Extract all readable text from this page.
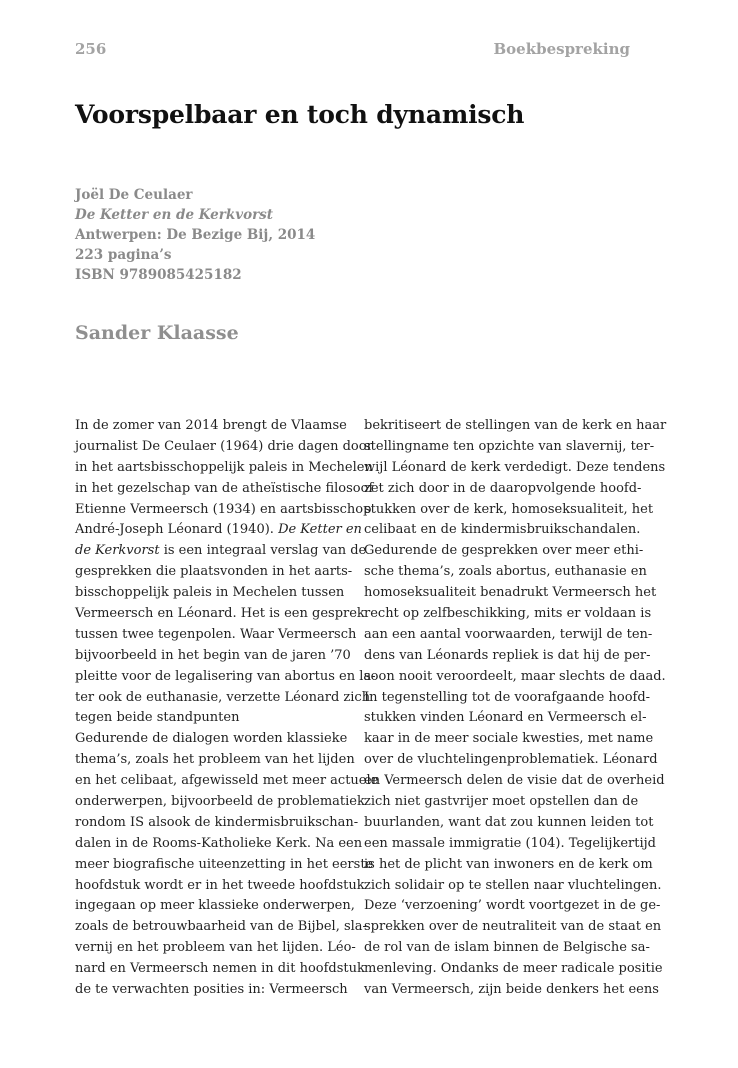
256	Boekbespreking
Voorspelbaar en toch dynamisch
Joël De Ceulaer
De Ketter en de Kerkvorst
Antwerpen: De Bezige Bij, 2014
223 pagina’s
ISBN 9789085425182
Sander Klaasse
In de zomer van 2014 brengt de Vlaamse
journalist De Ceulaer (1964) drie dagen door
in het aartsbisschoppelijk paleis in Mechelen
in het gezelschap van de atheïstische filosoof
Etienne Vermeersch (1934) en aartsbisschop
André-Joseph Léonard (1940). De Ketter en
de Kerkvorst is een integraal verslag van de
gesprekken die plaatsvonden in het aarts-
bisschoppelijk paleis in Mechelen tussen
Vermeersch en Léonard. Het is een gesprek
tussen twee tegenpolen. Waar Vermeersch
bijvoorbeeld in het begin van de jaren ’70
pleitte voor de legalisering van abortus en la-
ter ook de euthanasie, verzette Léonard zich
tegen beide standpunten
Gedurende de dialogen worden klassieke
thema’s, zoals het probleem van het lijden
en het celibaat, afgewisseld met meer actuele
onderwerpen, bijvoorbeeld de problematiek
rondom IS alsook de kindermisbruikschan-
dalen in de Rooms-Katholieke Kerk. Na een
meer biografische uiteenzetting in het eerste
hoofdstuk wordt er in het tweede hoofdstuk
ingegaan op meer klassieke onderwerpen,
zoals de betrouwbaarheid van de Bijbel, sla-
vernij en het probleem van het lijden. Léo-
nard en Vermeersch nemen in dit hoofdstuk
de te verwachten posities in: Vermeersch
bekritiseert de stellingen van de kerk en haar
stellingname ten opzichte van slavernij, ter-
wijl Léonard de kerk verdedigt. Deze tendens
zet zich door in de daaropvolgende hoofd-
stukken over de kerk, homoseksualiteit, het
celibaat en de kindermisbruikschandalen.
Gedurende de gesprekken over meer ethi-
sche thema’s, zoals abortus, euthanasie en
homoseksualiteit benadrukt Vermeersch het
recht op zelfbeschikking, mits er voldaan is
aan een aantal voorwaarden, terwijl de ten-
dens van Léonards repliek is dat hij de per-
soon nooit veroordeelt, maar slechts de daad.
In tegenstelling tot de voorafgaande hoofd-
stukken vinden Léonard en Vermeersch el-
kaar in de meer sociale kwesties, met name
over de vluchtelingenproblematiek. Léonard
en Vermeersch delen de visie dat de overheid
zich niet gastvrijer moet opstellen dan de
buurlanden, want dat zou kunnen leiden tot
een massale immigratie (104). Tegelijkertijd
is het de plicht van inwoners en de kerk om
zich solidair op te stellen naar vluchtelingen.
Deze ‘verzoening’ wordt voortgezet in de ge-
sprekken over de neutraliteit van de staat en
de rol van de islam binnen de Belgische sa-
menleving. Ondanks de meer radicale positie
van Vermeersch, zijn beide denkers het eens
